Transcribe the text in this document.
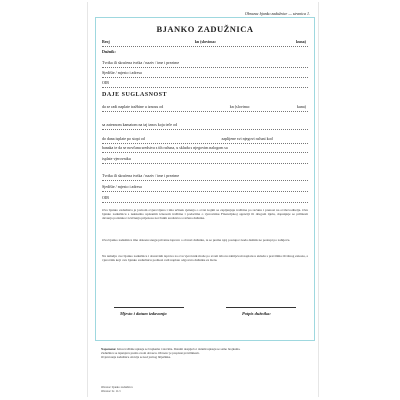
Obrazac bjanko zadužnice — stranica 1.
BJANKO ZADUŽNICA
Broj	kn (slovima:	kuna)
Dužnik:
Tvrtka ili skraćena tvrtka / naziv / ime i prezime
Sjedište / mjesto i adresa
OIB
DAJE SUGLASNOST
da se radi naplate tražbine u iznosu od	kn (slovima:	kuna)
sa zateznom kamatom na taj iznos koja teče od
do dana isplate po stopi od	zaplijene svi njegovi računi kod
banaka te da se novčana sredstva s tih računa, u skladu s njegovim nalogom sa
isplate vjerovniku
Tvrtka ili skraćena tvrtka / naziv / ime i prezime
Sjedište / mjesto i adresa
OIB
Ova bjanko zadužnica je javnom ovjerovljena i ima učinak rješenja o ovrsi kojim se zapljenjuje tražbina po računu i prenosi na ovrhovoditelja. Ovu bjanko zadužnicu s naknadno upisanim iznosom tražbine i podacima o vjerovniku Financijskoj agenciji ili drugom tijelu, dopunjuje se prilikom davanja podataka i izvršenja prijenosa novčanih sredstava s računa dužnika.
Ova bjanko zadužnica ima dokazu snagu privatne isprave o obvezi dužnika, te se prema njoj postupa i kada dužnik ne postupi po zahtjevu.
Na temelju ove bjanko zadužnice i dostavnih isprava za ovu vjerovnik može po svom izboru zahtijevati naplatu u skladu s pravilima Ovršnog zakona, a vjerovnik koji ovu bjanko zadužnicu podnosi radi naplate odgovara dužniku za štetu.
Mjesto i datum izdavanja	Potpis dužnika:
Napomena: Iznos tražbine upisuje se brojkama i slovima. Datumi dospijeća i datumi upisuju se samo brojkama.
Zadužnica se ispunjava prema ovom obrascu. Obrazac je propisan pravilnikom.
Ovjeravanje zadužnice obavlja se kod javnog bilježnika.
Obrazac bjanko zadužnica
Obrazac br. 11/1
